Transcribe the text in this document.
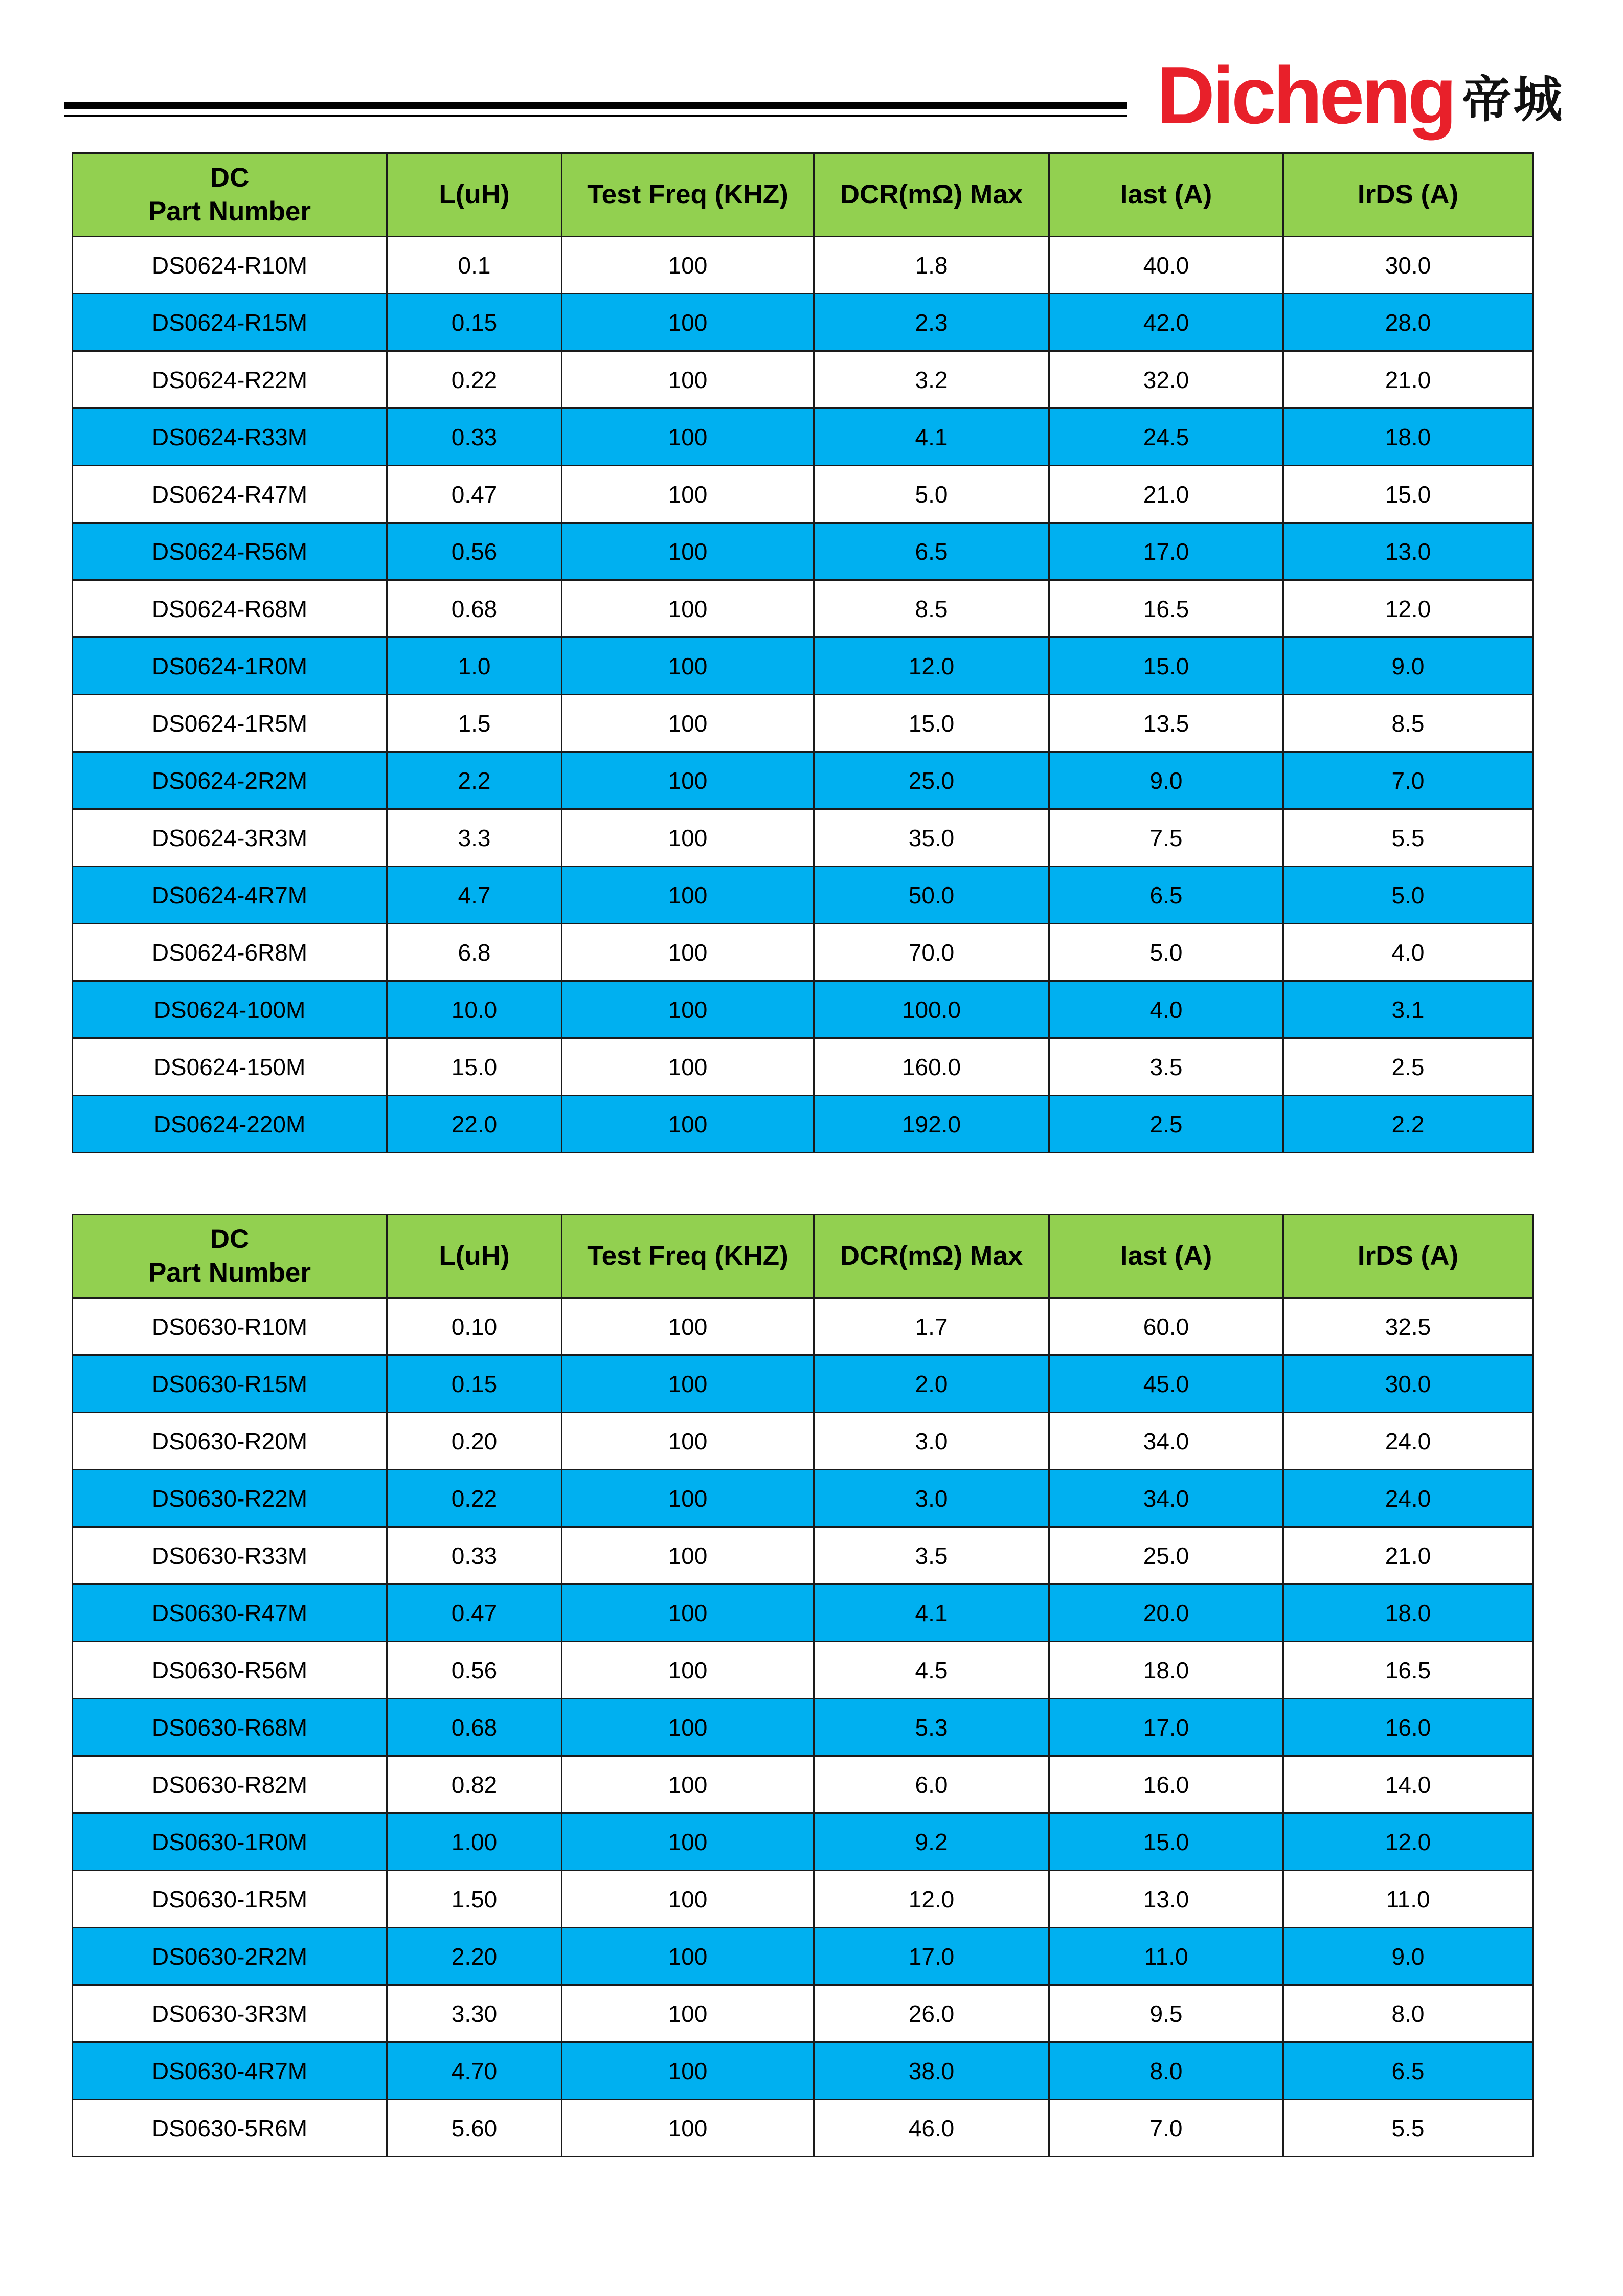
Dicheng 帝城
DC
Part Number	L(uH)	Test Freq (KHZ)	DCR(mΩ) Max	Iast (A)	IrDS (A)
DS0624-R10M	0.1	100	1.8	40.0	30.0
DS0624-R15M	0.15	100	2.3	42.0	28.0
DS0624-R22M	0.22	100	3.2	32.0	21.0
DS0624-R33M	0.33	100	4.1	24.5	18.0
DS0624-R47M	0.47	100	5.0	21.0	15.0
DS0624-R56M	0.56	100	6.5	17.0	13.0
DS0624-R68M	0.68	100	8.5	16.5	12.0
DS0624-1R0M	1.0	100	12.0	15.0	9.0
DS0624-1R5M	1.5	100	15.0	13.5	8.5
DS0624-2R2M	2.2	100	25.0	9.0	7.0
DS0624-3R3M	3.3	100	35.0	7.5	5.5
DS0624-4R7M	4.7	100	50.0	6.5	5.0
DS0624-6R8M	6.8	100	70.0	5.0	4.0
DS0624-100M	10.0	100	100.0	4.0	3.1
DS0624-150M	15.0	100	160.0	3.5	2.5
DS0624-220M	22.0	100	192.0	2.5	2.2
DC
Part Number	L(uH)	Test Freq (KHZ)	DCR(mΩ) Max	Iast (A)	IrDS (A)
DS0630-R10M	0.10	100	1.7	60.0	32.5
DS0630-R15M	0.15	100	2.0	45.0	30.0
DS0630-R20M	0.20	100	3.0	34.0	24.0
DS0630-R22M	0.22	100	3.0	34.0	24.0
DS0630-R33M	0.33	100	3.5	25.0	21.0
DS0630-R47M	0.47	100	4.1	20.0	18.0
DS0630-R56M	0.56	100	4.5	18.0	16.5
DS0630-R68M	0.68	100	5.3	17.0	16.0
DS0630-R82M	0.82	100	6.0	16.0	14.0
DS0630-1R0M	1.00	100	9.2	15.0	12.0
DS0630-1R5M	1.50	100	12.0	13.0	11.0
DS0630-2R2M	2.20	100	17.0	11.0	9.0
DS0630-3R3M	3.30	100	26.0	9.5	8.0
DS0630-4R7M	4.70	100	38.0	8.0	6.5
DS0630-5R6M	5.60	100	46.0	7.0	5.5
